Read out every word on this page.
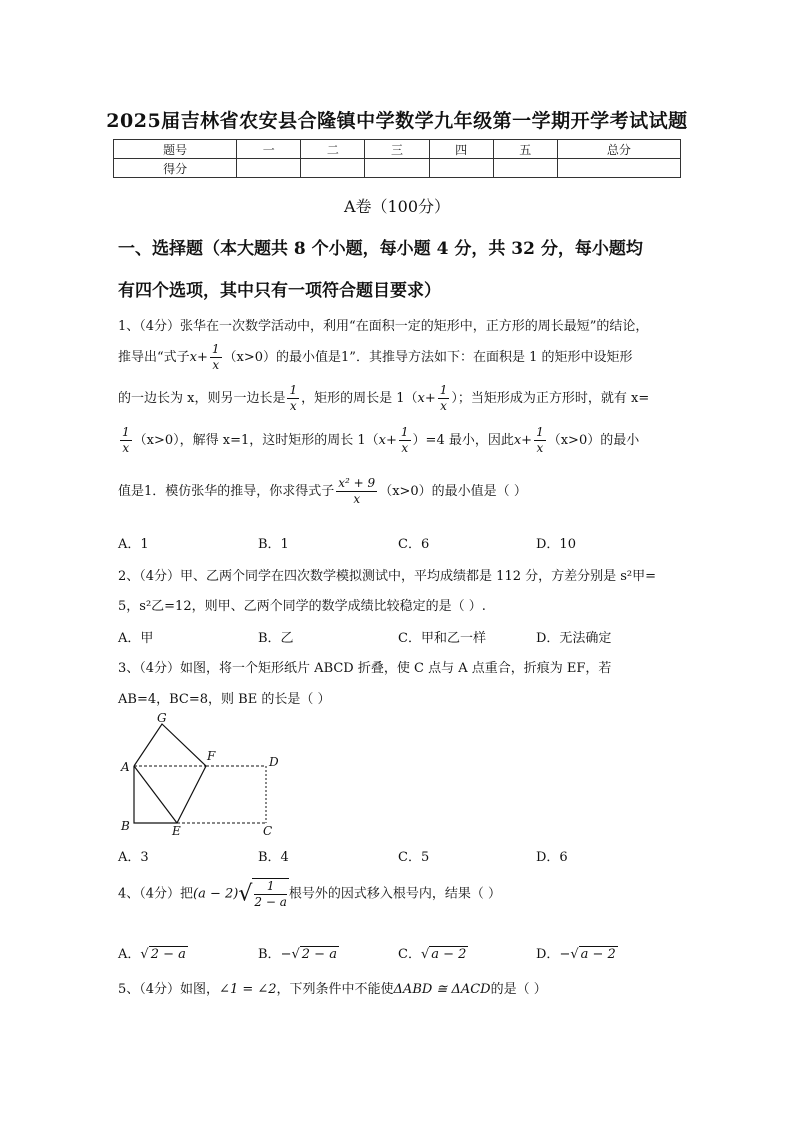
2025届吉林省农安县合隆镇中学数学九年级第一学期开学考试试题
题号	一	二	三	四	五	总分
得分						
A卷（100分）
一、选择题（本大题共 8 个小题，每小题 4 分，共 32 分，每小题均
有四个选项，其中只有一项符合题目要求）
1、（4分）张华在一次数学活动中，利用“在面积一定的矩形中，正方形的周长最短”的结论，
推导出“式子$x+ \frac{1}{x} (x>0)$的最小值是1”．其推导方法如下：在面积是 1 的矩形中设矩形
的一边长为 x，则另一边长是 $\frac{1}{x}$ ，矩形的周长是 $1(x+ \frac{1}{x}$ ）；当矩形成为正方形时，就有 x=
$\frac{1}{x} (x>0)$，解得 x=1，这时矩形的周长 $1(x+ \frac{1}{x} )=4$ 最小，因此$x+ \frac{1}{x} (x>0)$的最小
值是1．模仿张华的推导，你求得式子 $\frac{\text{x² + 9}}{x} (x>0)$的最小值是（ ）
A．1	B．1	C．6	D．10
2、（4分）甲、乙两个同学在四次数学模拟测试中，平均成绩都是 112 分，方差分别是 s²甲=
5，s²乙=12，则甲、乙两个同学的数学成绩比较稳定的是（ ）.
A．甲	B．乙	C．甲和乙一样	D．无法确定
3、（4分）如图，将一个矩形纸片 ABCD 折叠，使 C 点与 A 点重合，折痕为 EF，若
AB=4，BC=8，则 BE 的长是（ ）
G
A
F	D
B	E	C
A．3	B．4	C．5	D．6
4、（4分）把$(a - 2)√ \frac{1}{2 - a}$ 根号外的因式移入根号内，结果（ ）
A．√ 2 − a	B．−√ 2 − a	C．√ a − 2	D．−√ a − 2
5、（4分）如图，∠1 = ∠2，下列条件中不能使ΔABD ≅ ΔACD的是（ ）
